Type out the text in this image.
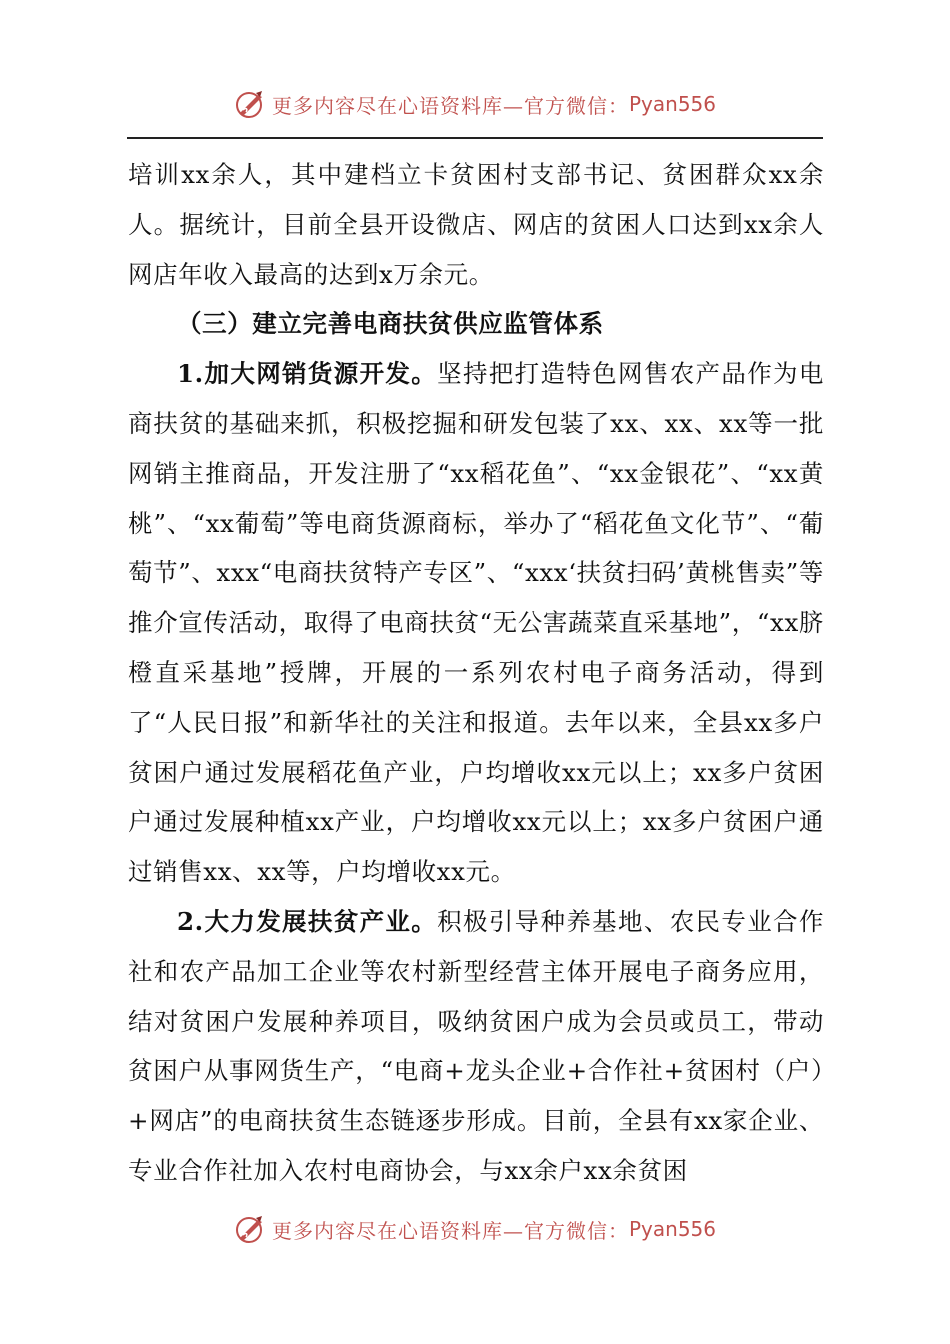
更多内容尽在心语资料库—官方微信： Pyan556

培训xx余人，其中建档立卡贫困村支部书记、贫困群众xx余人。据统计，目前全县开设微店、网店的贫困人口达到xx余人网店年收入最高的达到x万余元。

（三）建立完善电商扶贫供应监管体系

1.加大网销货源开发。坚持把打造特色网售农产品作为电商扶贫的基础来抓，积极挖掘和研发包装了xx、xx、xx等一批网销主推商品，开发注册了“xx稻花鱼”、“xx金银花”、“xx黄桃”、“xx葡萄”等电商货源商标，举办了“稻花鱼文化节”、“葡萄节”、xxx“电商扶贫特产专区”、“xxx‘扶贫扫码’黄桃售卖”等推介宣传活动，取得了电商扶贫“无公害蔬菜直采基地”，“xx脐橙直采基地”授牌，开展的一系列农村电子商务活动，得到了“人民日报”和新华社的关注和报道。去年以来，全县xx多户贫困户通过发展稻花鱼产业，户均增收xx元以上；xx多户贫困户通过发展种植xx产业，户均增收xx元以上；xx多户贫困户通过销售xx、xx等，户均增收xx元。

2.大力发展扶贫产业。积极引导种养基地、农民专业合作社和农产品加工企业等农村新型经营主体开展电子商务应用，结对贫困户发展种养项目，吸纳贫困户成为会员或员工，带动贫困户从事网货生产，“电商+龙头企业+合作社+贫困村（户）+网店”的电商扶贫生态链逐步形成。目前，全县有xx家企业、专业合作社加入农村电商协会，与xx余户xx余贫困

更多内容尽在心语资料库—官方微信： Pyan556
